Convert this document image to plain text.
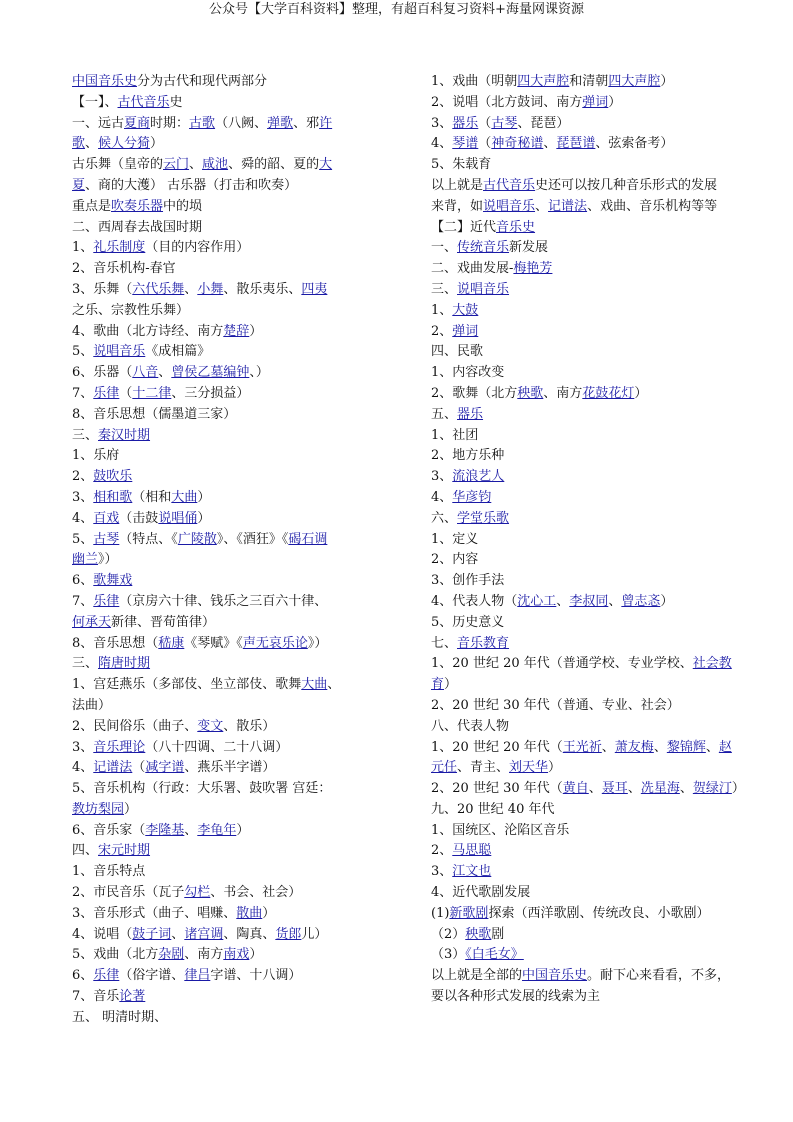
公众号【大学百科资料】整理，有超百科复习资料+海量网课资源
中国音乐史分为古代和现代两部分
【一】、古代音乐史
一、远古夏商时期：古歌（八阙、弹歌、邪许
歌、候人兮猗）
古乐舞（皇帝的云门、咸池、舜的韶、夏的大
夏、商的大濩） 古乐器（打击和吹奏）
重点是吹奏乐器中的埙
二、西周春去战国时期
1、礼乐制度（目的内容作用）
2、音乐机构-春官
3、乐舞（六代乐舞、小舞、散乐夷乐、四夷
之乐、宗教性乐舞）
4、歌曲（北方诗经、南方楚辞）
5、说唱音乐《成相篇》
6、乐器（八音、曾侯乙墓编钟、）
7、乐律（十二律、三分损益）
8、音乐思想（儒墨道三家）
三、秦汉时期
1、乐府
2、鼓吹乐
3、相和歌（相和大曲）
4、百戏（击鼓说唱俑）
5、古琴（特点、《广陵散》、《酒狂》《碣石调
幽兰》）
6、歌舞戏
7、乐律（京房六十律、钱乐之三百六十律、
何承天新律、晋荀笛律）
8、音乐思想（嵇康《琴赋》《声无哀乐论》）
三、隋唐时期
1、宫廷燕乐（多部伎、坐立部伎、歌舞大曲、
法曲）
2、民间俗乐（曲子、变文、散乐）
3、音乐理论（八十四调、二十八调）
4、记谱法（减字谱、燕乐半字谱）
5、音乐机构（行政：大乐署、鼓吹署 宫廷：
教坊梨园）
6、音乐家（李隆基、李龟年）
四、宋元时期
1、音乐特点
2、市民音乐（瓦子勾栏、书会、社会）
3、音乐形式（曲子、唱赚、散曲）
4、说唱（鼓子词、诸宫调、陶真、货郎儿）
5、戏曲（北方杂剧、南方南戏）
6、乐律（俗字谱、律吕字谱、十八调）
7、音乐论著
五、 明清时期、
1、戏曲（明朝四大声腔和清朝四大声腔）
2、说唱（北方鼓词、南方弹词）
3、器乐（古琴、琵琶）
4、琴谱（神奇秘谱、琵琶谱、弦索备考）
5、朱载育
以上就是古代音乐史还可以按几种音乐形式的发展
来背，如说唱音乐、记谱法、戏曲、音乐机构等等
【二】近代音乐史
一、传统音乐新发展
二、戏曲发展-梅艳芳
三、说唱音乐
1、大鼓
2、弹词
四、民歌
1、内容改变
2、歌舞（北方秧歌、南方花鼓花灯）
五、器乐
1、社团
2、地方乐种
3、流浪艺人
4、华彦钧
六、学堂乐歌
1、定义
2、内容
3、创作手法
4、代表人物（沈心工、李叔同、曾志忞）
5、历史意义
七、音乐教育
1、20 世纪 20 年代（普通学校、专业学校、社会教
育）
2、20 世纪 30 年代（普通、专业、社会）
八、代表人物
1、20 世纪 20 年代（王光祈、萧友梅、黎锦辉、赵
元任、青主、刘天华）
2、20 世纪 30 年代（黄自、聂耳、冼星海、贺绿汀）
九、20 世纪 40 年代
1、国统区、沦陷区音乐
2、马思聪
3、江文也
4、近代歌剧发展
(1)新歌剧探索（西洋歌剧、传统改良、小歌剧）
（2）秧歌剧
（3）《白毛女》
以上就是全部的中国音乐史。耐下心来看看，不多，
要以各种形式发展的线索为主
